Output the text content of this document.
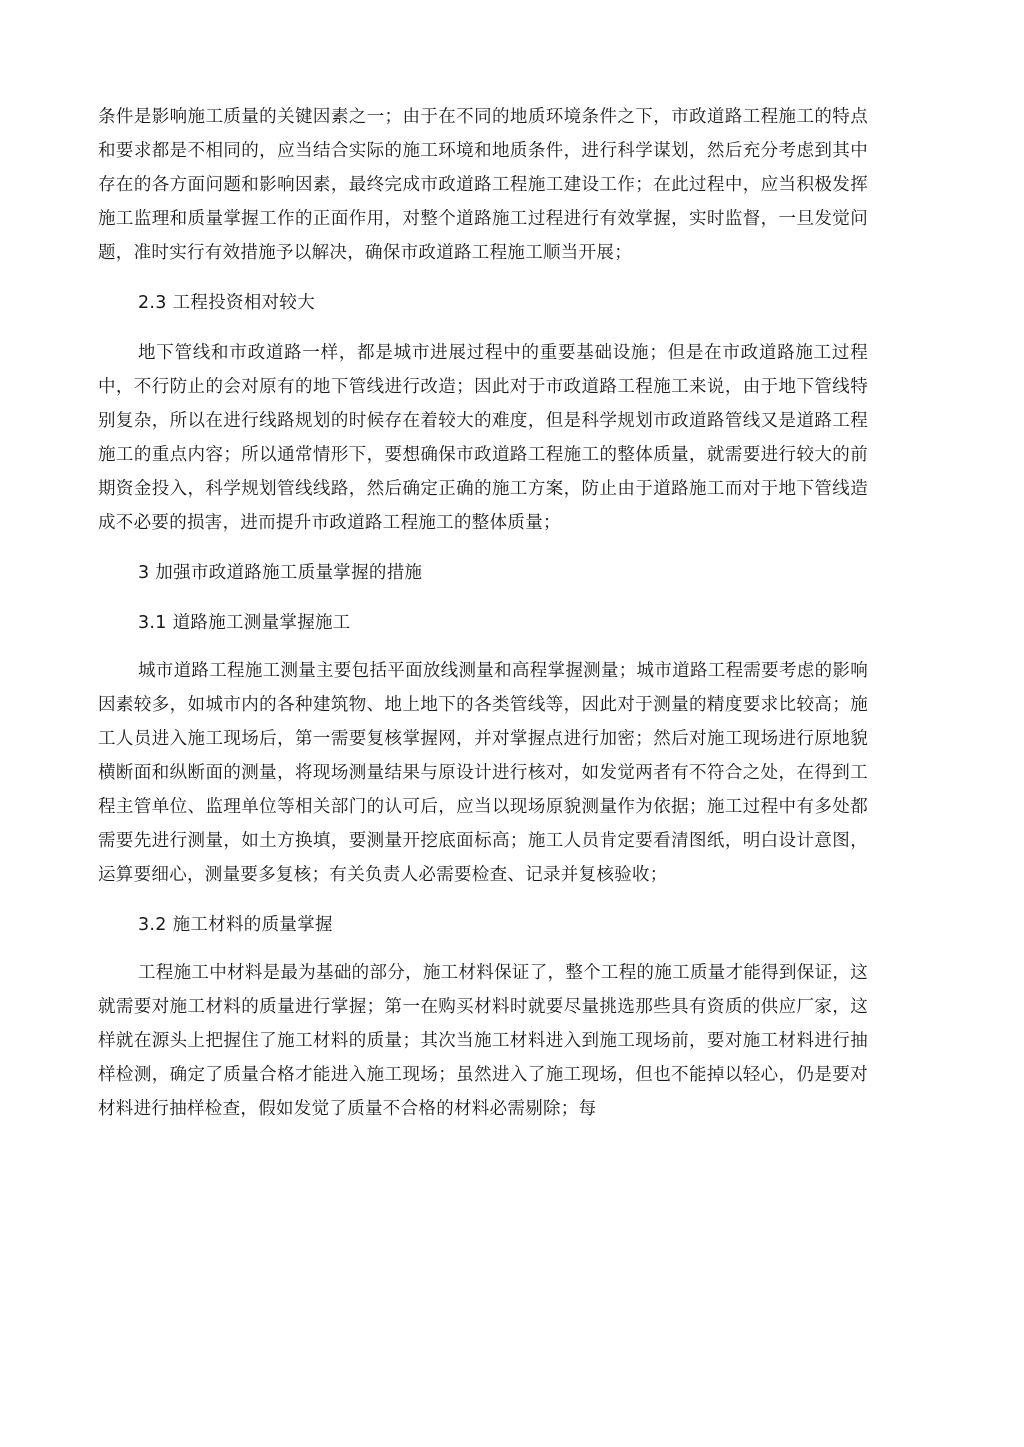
条件是影响施工质量的关键因素之一；由于在不同的地质环境条件之下，市政道路工程施工的特点和要求都是不相同的，应当结合实际的施工环境和地质条件，进行科学谋划，然后充分考虑到其中存在的各方面问题和影响因素，最终完成市政道路工程施工建设工作；在此过程中，应当积极发挥施工监理和质量掌握工作的正面作用，对整个道路施工过程进行有效掌握，实时监督，一旦发觉问题，准时实行有效措施予以解决，确保市政道路工程施工顺当开展；

2.3 工程投资相对较大

地下管线和市政道路一样，都是城市进展过程中的重要基础设施；但是在市政道路施工过程中，不行防止的会对原有的地下管线进行改造；因此对于市政道路工程施工来说，由于地下管线特别复杂，所以在进行线路规划的时候存在着较大的难度，但是科学规划市政道路管线又是道路工程施工的重点内容；所以通常情形下，要想确保市政道路工程施工的整体质量，就需要进行较大的前期资金投入，科学规划管线线路，然后确定正确的施工方案，防止由于道路施工而对于地下管线造成不必要的损害，进而提升市政道路工程施工的整体质量；

3 加强市政道路施工质量掌握的措施

3.1 道路施工测量掌握施工

城市道路工程施工测量主要包括平面放线测量和高程掌握测量；城市道路工程需要考虑的影响因素较多，如城市内的各种建筑物、地上地下的各类管线等，因此对于测量的精度要求比较高；施工人员进入施工现场后，第一需要复核掌握网，并对掌握点进行加密；然后对施工现场进行原地貌横断面和纵断面的测量，将现场测量结果与原设计进行核对，如发觉两者有不符合之处，在得到工程主管单位、监理单位等相关部门的认可后，应当以现场原貌测量作为依据；施工过程中有多处都需要先进行测量，如土方换填，要测量开挖底面标高；施工人员肯定要看清图纸，明白设计意图，运算要细心，测量要多复核；有关负责人必需要检查、记录并复核验收；

3.2 施工材料的质量掌握

工程施工中材料是最为基础的部分，施工材料保证了，整个工程的施工质量才能得到保证，这就需要对施工材料的质量进行掌握；第一在购买材料时就要尽量挑选那些具有资质的供应厂家，这样就在源头上把握住了施工材料的质量；其次当施工材料进入到施工现场前，要对施工材料进行抽样检测，确定了质量合格才能进入施工现场；虽然进入了施工现场，但也不能掉以轻心，仍是要对材料进行抽样检查，假如发觉了质量不合格的材料必需剔除；每
